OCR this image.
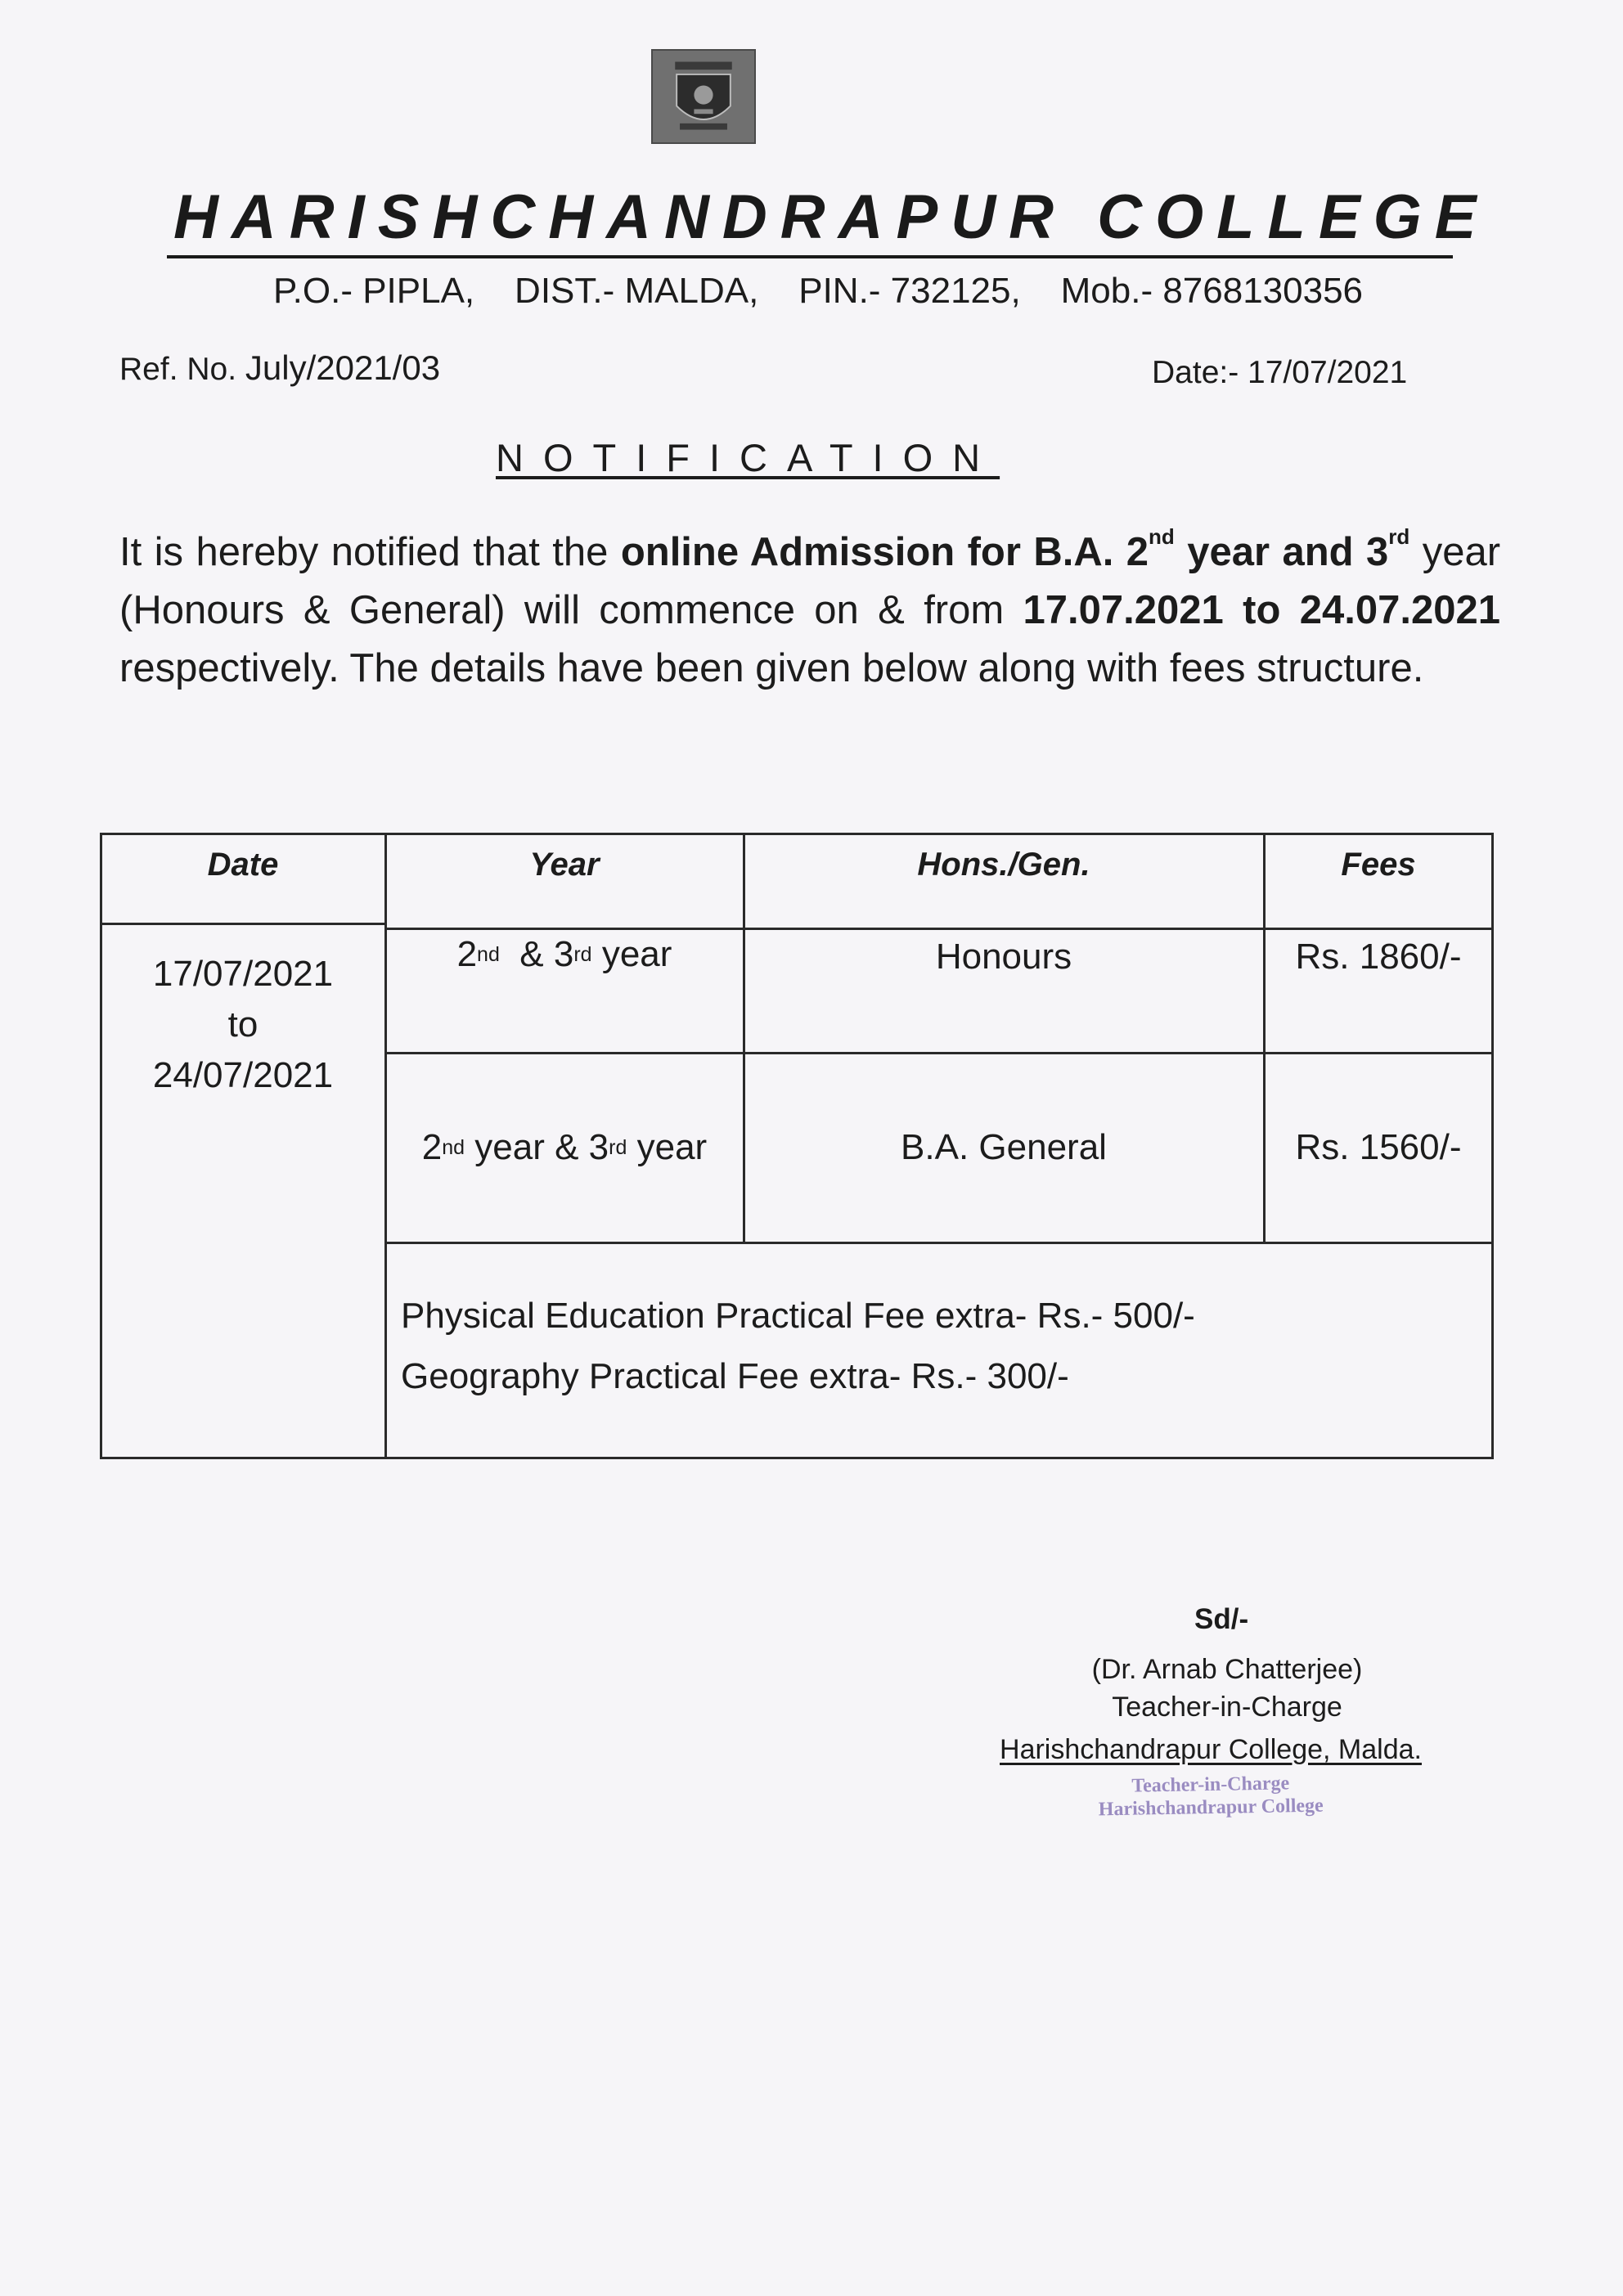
HARISHCHANDRAPUR COLLEGE
P.O.- PIPLA,    DIST.- MALDA,    PIN.- 732125,    Mob.- 8768130356
Ref. No. July/2021/03	Date:- 17/07/2021
NOTIFICATION
It is hereby notified that the online Admission for B.A. 2nd year and 3rd year (Honours & General) will commence on & from 17.07.2021 to 24.07.2021 respectively. The details have been given below along with fees structure.
Date	Year	Hons./Gen.	Fees
17/07/2021
to
24/07/2021
2 nd & 3 rd year	Honours	Rs. 1860/-
2 nd year & 3 rd year	B.A. General	Rs. 1560/-
Physical Education Practical Fee extra- Rs.- 500/-
Geography Practical Fee extra- Rs.- 300/-
Sd/-
(Dr. Arnab Chatterjee)
Teacher-in-Charge
Harishchandrapur College, Malda.
Teacher-in-Charge
Harishchandrapur College
